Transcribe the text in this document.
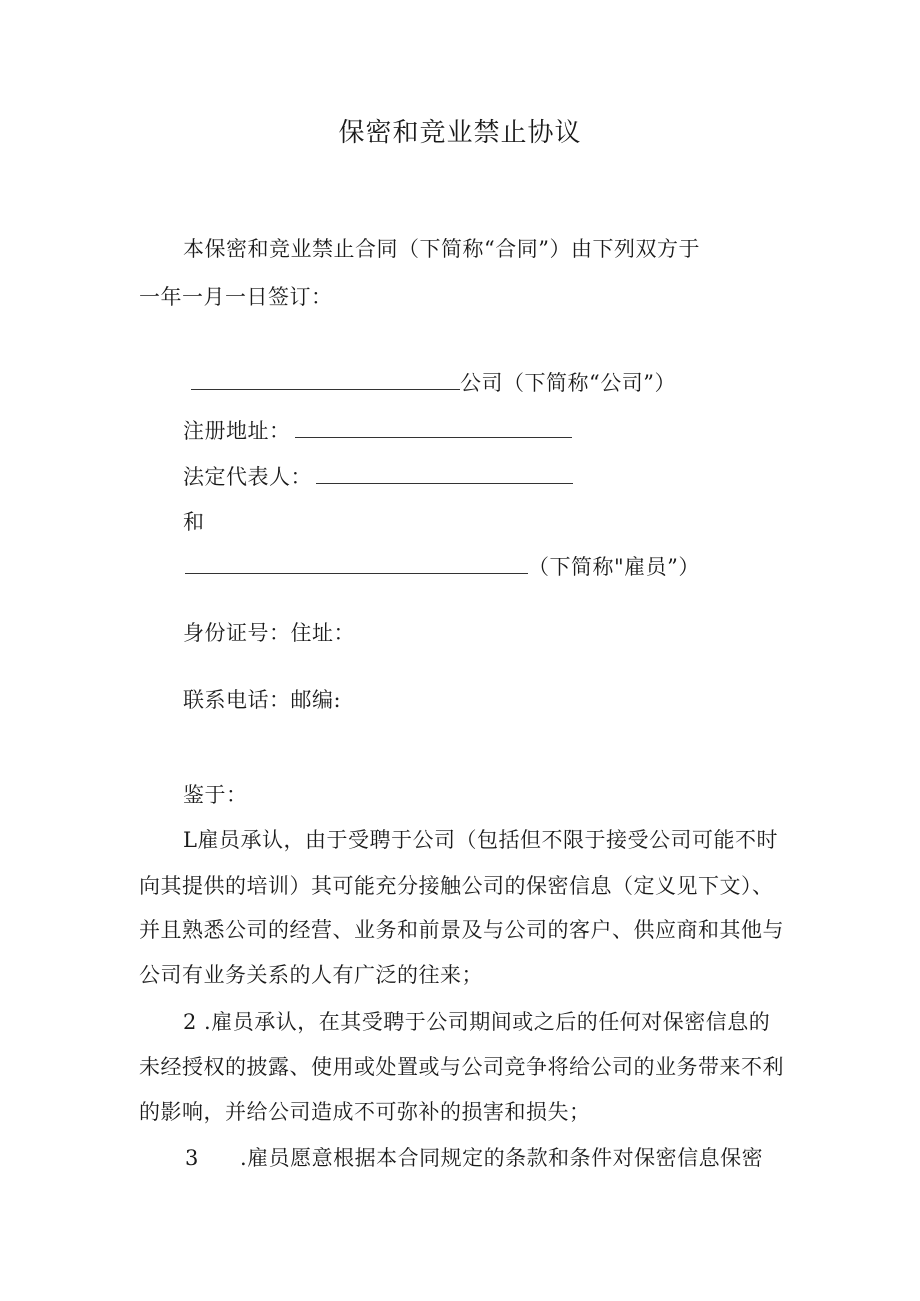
保密和竞业禁止协议
本保密和竞业禁止合同（下简称“合同”）由下列双方于
一年一月一日签订：
公司（下简称“公司”）
注册地址：
法定代表人：
和
（下简称"雇员”）
身份证号：住址：
联系电话：邮编:
鉴于：
L雇员承认，由于受聘于公司（包括但不限于接受公司可能不时
向其提供的培训）其可能充分接触公司的保密信息（定义见下文）、
并且熟悉公司的经营、业务和前景及与公司的客户、供应商和其他与
公司有业务关系的人有广泛的往来；
2 .雇员承认，在其受聘于公司期间或之后的任何对保密信息的
未经授权的披露、使用或处置或与公司竞争将给公司的业务带来不利
的影响，并给公司造成不可弥补的损害和损失；
3 .雇员愿意根据本合同规定的条款和条件对保密信息保密
